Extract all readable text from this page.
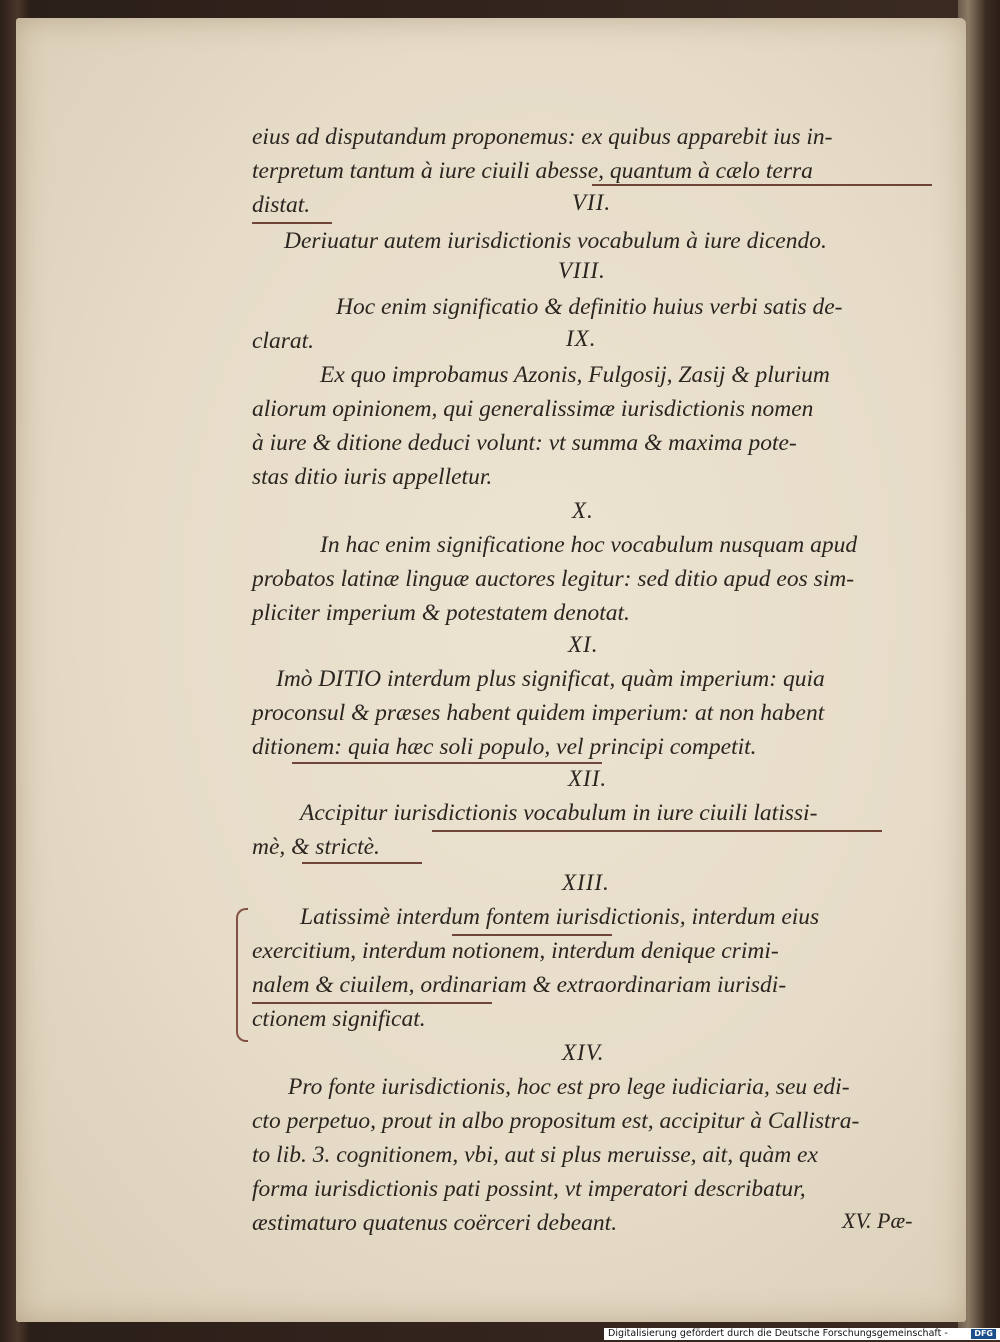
eius ad disputandum proponemus: ex quibus apparebit ius in-
terpretum tantum à iure ciuili abesse, quantum à cælo terra
distat.	VII.
Deriuatur autem iurisdictionis vocabulum à iure dicendo.
VIII.
Hoc enim significatio & definitio huius verbi satis de-
clarat.	IX.
Ex quo improbamus Azonis, Fulgosij, Zasij & plurium
aliorum opinionem, qui generalissimæ iurisdictionis nomen
à iure & ditione deduci volunt: vt summa & maxima pote-
stas ditio iuris appelletur.
X.
In hac enim significatione hoc vocabulum nusquam apud
probatos latinæ linguæ auctores legitur: sed ditio apud eos sim-
pliciter imperium & potestatem denotat.
XI.
Imò DITIO interdum plus significat, quàm imperium: quia
proconsul & præses habent quidem imperium: at non habent
ditionem: quia hæc soli populo, vel principi competit.
XII.
Accipitur iurisdictionis vocabulum in iure ciuili latissi-
mè, & strictè.
XIII.
Latissimè interdum fontem iurisdictionis, interdum eius
exercitium, interdum notionem, interdum denique crimi-
nalem & ciuilem, ordinariam & extraordinariam iurisdi-
ctionem significat.
XIV.
Pro fonte iurisdictionis, hoc est pro lege iudiciaria, seu edi-
cto perpetuo, prout in albo propositum est, accipitur à Callistra-
to lib. 3. cognitionem, vbi, aut si plus meruisse, ait, quàm ex
forma iurisdictionis pati possint, vt imperatori describatur,
æstimaturo quatenus coërceri debeant.	XV. Pæ-
Digitalisierung gefördert durch die Deutsche Forschungsgemeinschaft -	DFG
